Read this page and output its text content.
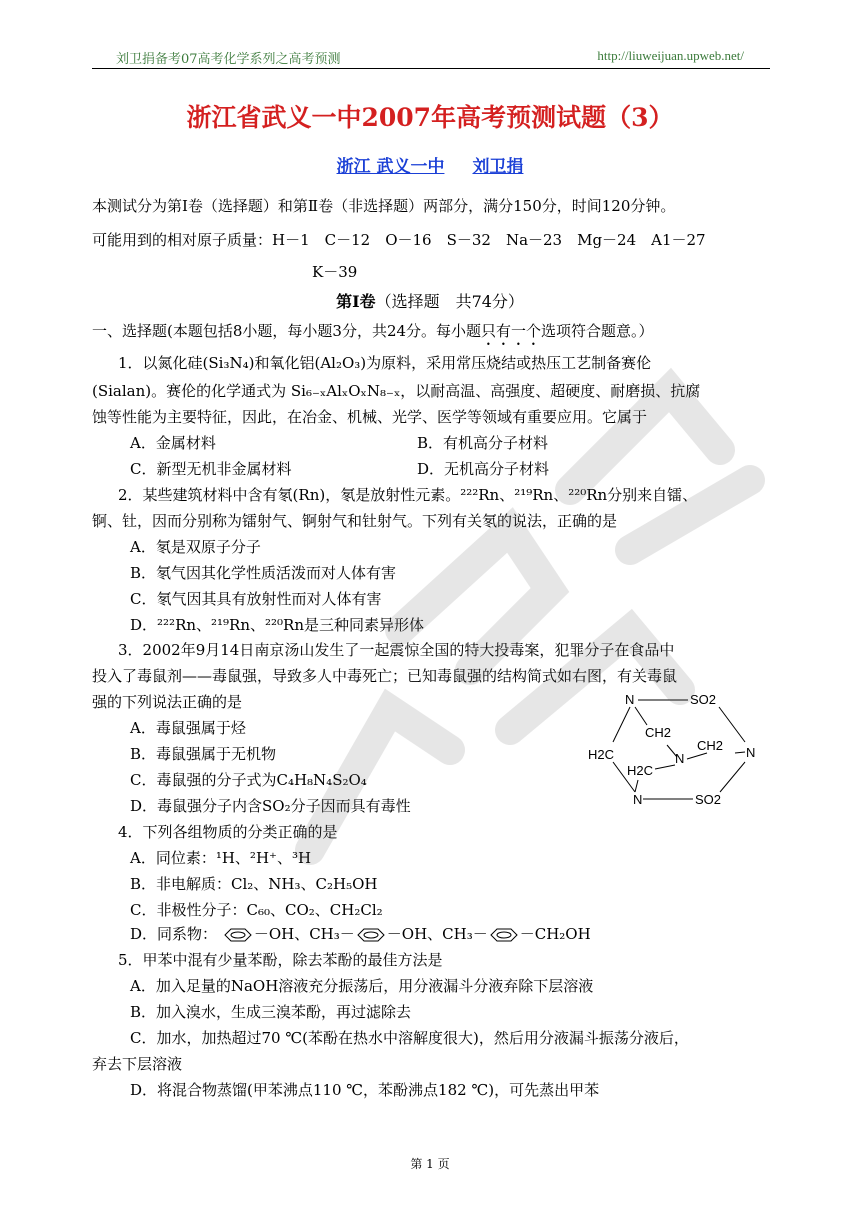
刘卫捐备考07高考化学系列之高考预测	http://liuweijuan.upweb.net/
浙江省武义一中2007年高考预测试题（3）
浙江 武义一中 刘卫捐
本测试分为第Ⅰ卷（选择题）和第Ⅱ卷（非选择题）两部分，满分150分，时间120分钟。
可能用到的相对原子质量：H－1　C－12　O－16　S－32　Na－23　Mg－24　A1－27
K－39
第Ⅰ卷（选择题　共74分）
一、选择题(本题包括8小题，每小题3分，共24分。每小题只有一个选项符合题意。）
1．以氮化硅(Si₃N₄)和氧化铝(Al₂O₃)为原料，采用常压烧结或热压工艺制备赛伦
(Sialan)。赛伦的化学通式为 Si₆₋ₓAlₓOₓN₈₋ₓ，以耐高温、高强度、超硬度、耐磨损、抗腐
蚀等性能为主要特征，因此，在冶金、机械、光学、医学等领域有重要应用。它属于
A．金属材料	B．有机高分子材料
C．新型无机非金属材料	D．无机高分子材料
2．某些建筑材料中含有氡(Rn)，氡是放射性元素。²²²Rn、²¹⁹Rn、²²⁰Rn分别来自镭、
锕、钍，因而分别称为镭射气、锕射气和钍射气。下列有关氡的说法，正确的是
A．氡是双原子分子
B．氡气因其化学性质活泼而对人体有害
C．氡气因其具有放射性而对人体有害
D．²²²Rn、²¹⁹Rn、²²⁰Rn是三种同素异形体
3．2002年9月14日南京汤山发生了一起震惊全国的特大投毒案，犯罪分子在食品中
投入了毒鼠剂——毒鼠强，导致多人中毒死亡；已知毒鼠强的结构简式如右图，有关毒鼠
强的下列说法正确的是
A．毒鼠强属于烃
B．毒鼠强属于无机物
C．毒鼠强的分子式为C₄H₈N₄S₂O₄
D．毒鼠强分子内含SO₂分子因而具有毒性
N	SO2
CH2
H2C	N
CH2 N
H2C
N	SO2
4．下列各组物质的分类正确的是
A．同位素：¹H、²H⁺、³H
B．非电解质：Cl₂、NH₃、C₂H₅OH
C．非极性分子：C₆₀、CO₂、CH₂Cl₂
D．同系物： －OH、CH₃－ －OH、CH₃－ －CH₂OH
5．甲苯中混有少量苯酚，除去苯酚的最佳方法是
A．加入足量的NaOH溶液充分振荡后，用分液漏斗分液弃除下层溶液
B．加入溴水，生成三溴苯酚，再过滤除去
C．加水，加热超过70 ℃(苯酚在热水中溶解度很大)，然后用分液漏斗振荡分液后，
弃去下层溶液
D．将混合物蒸馏(甲苯沸点110 ℃，苯酚沸点182 ℃)，可先蒸出甲苯
第 1 页
